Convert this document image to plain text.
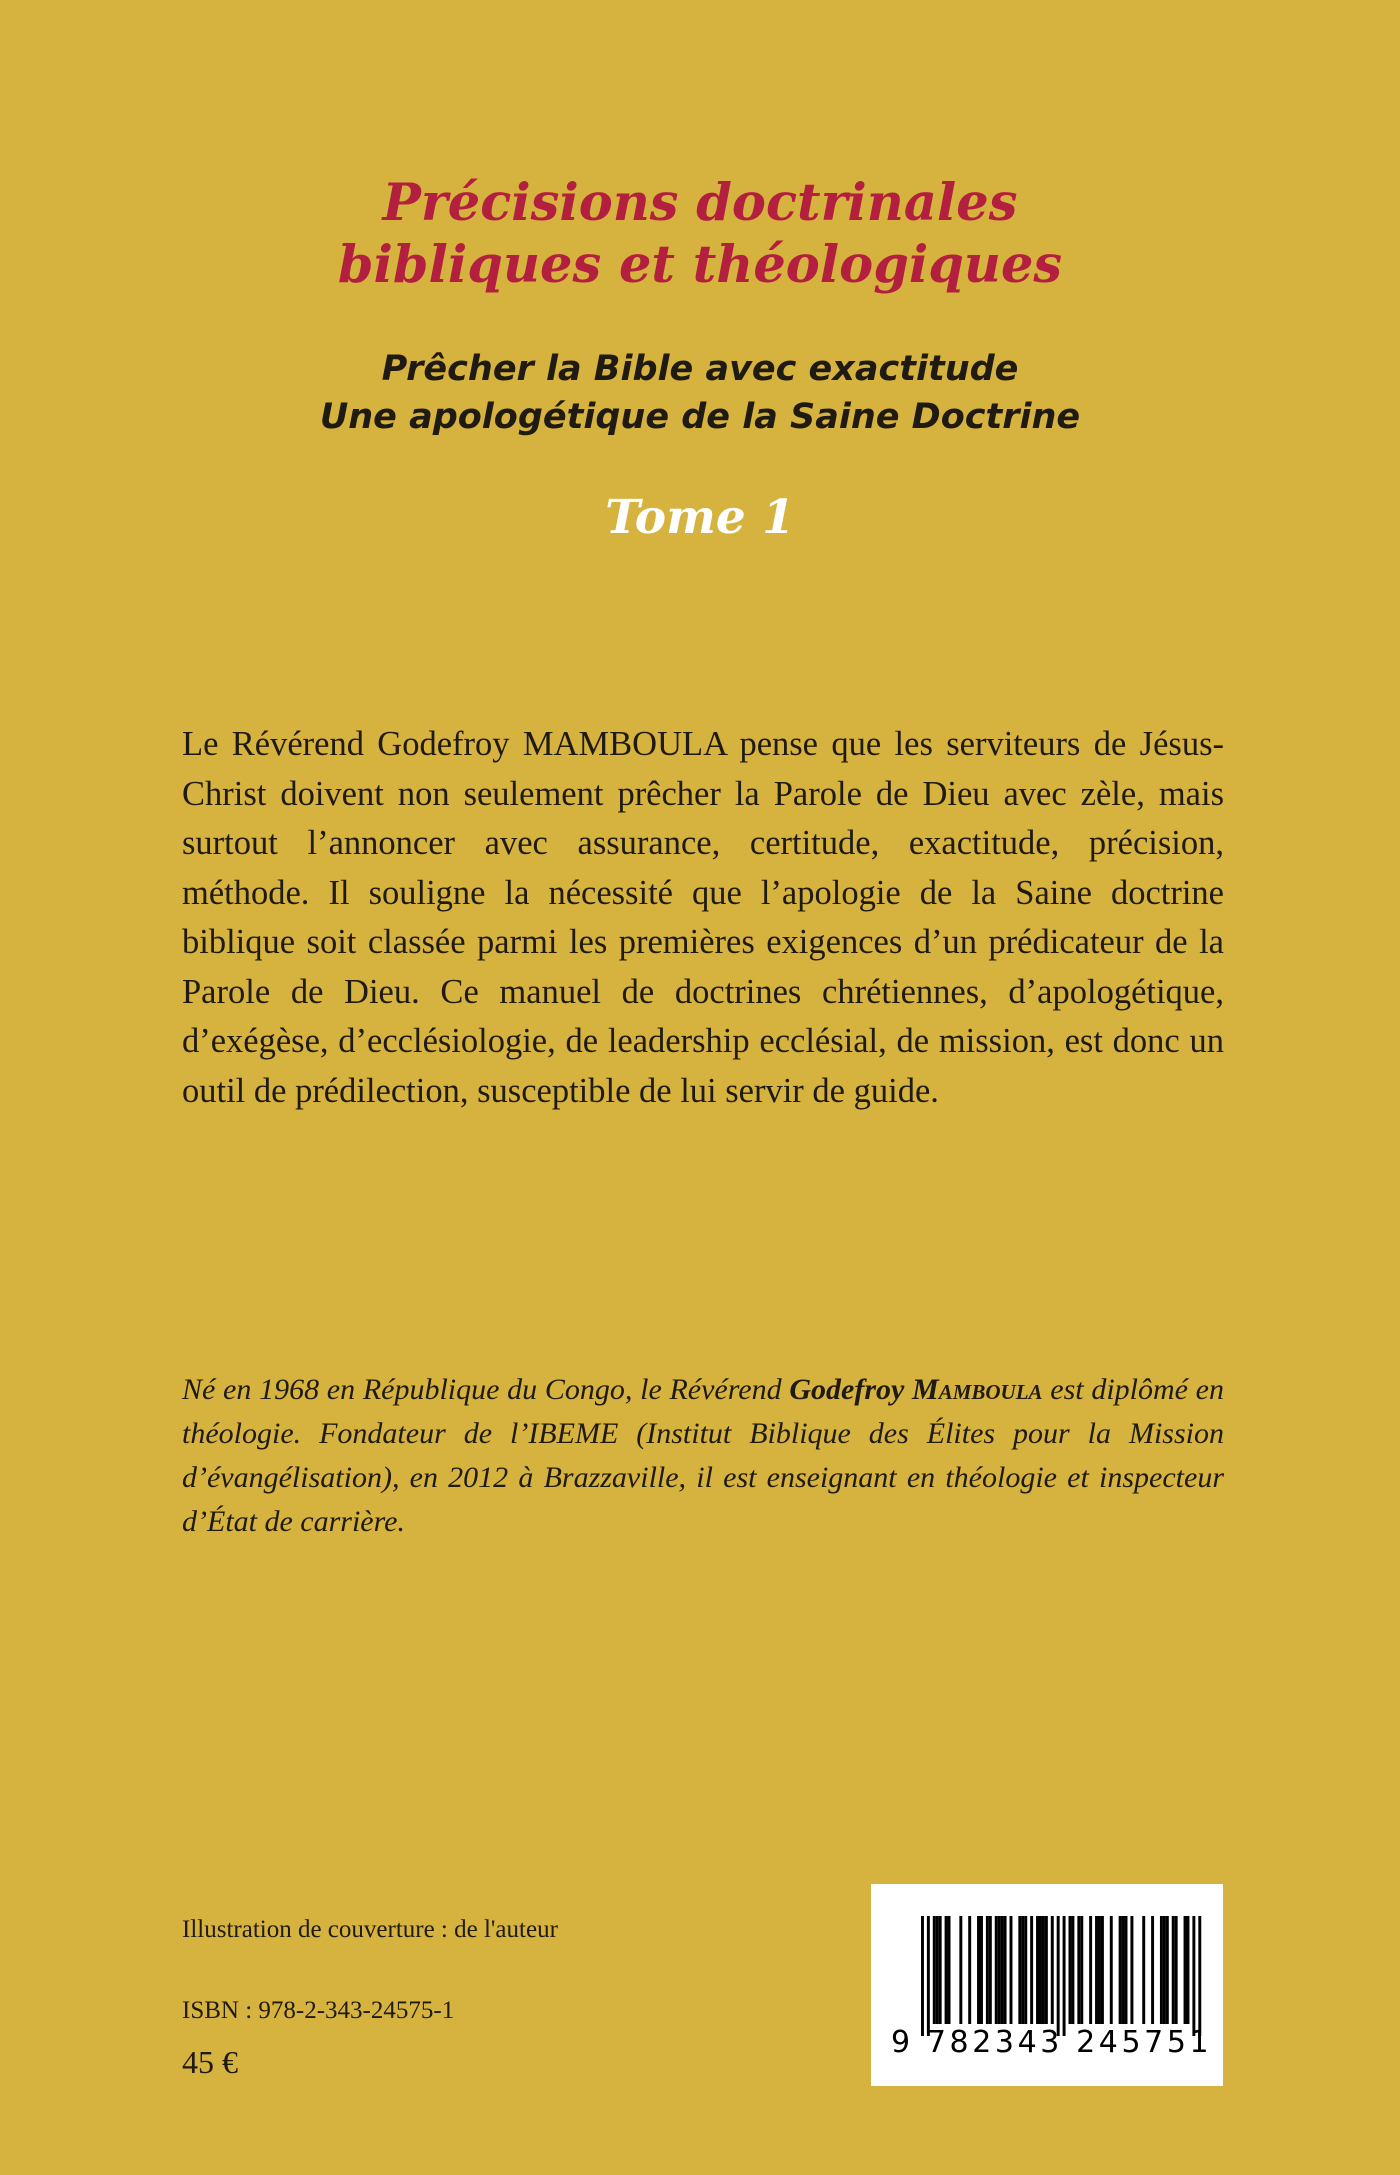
Précisions doctrinales
bibliques et théologiques
Prêcher la Bible avec exactitude
Une apologétique de la Saine Doctrine
Tome 1

Le Révérend Godefroy MAMBOULA pense que les serviteurs de Jésus-Christ doivent non seulement prêcher la Parole de Dieu avec zèle, mais surtout l’annoncer avec assurance, certitude, exactitude, précision, méthode. Il souligne la nécessité que l’apologie de la Saine doctrine biblique soit classée parmi les premières exigences d’un prédicateur de la Parole de Dieu. Ce manuel de doctrines chrétiennes, d’apologétique, d’exégèse, d’ecclésiologie, de leadership ecclésial, de mission, est donc un outil de prédilection, susceptible de lui servir de guide.

Né en 1968 en République du Congo, le Révérend Godefroy Mamboula est diplômé en théologie. Fondateur de l’IBEME (Institut Biblique des Élites pour la Mission d’évangélisation), en 2012 à Brazzaville, il est enseignant en théologie et inspecteur d’État de carrière.

Illustration de couverture : de l'auteur

ISBN : 978-2-343-24575-1

45 €

9 782343 245751
